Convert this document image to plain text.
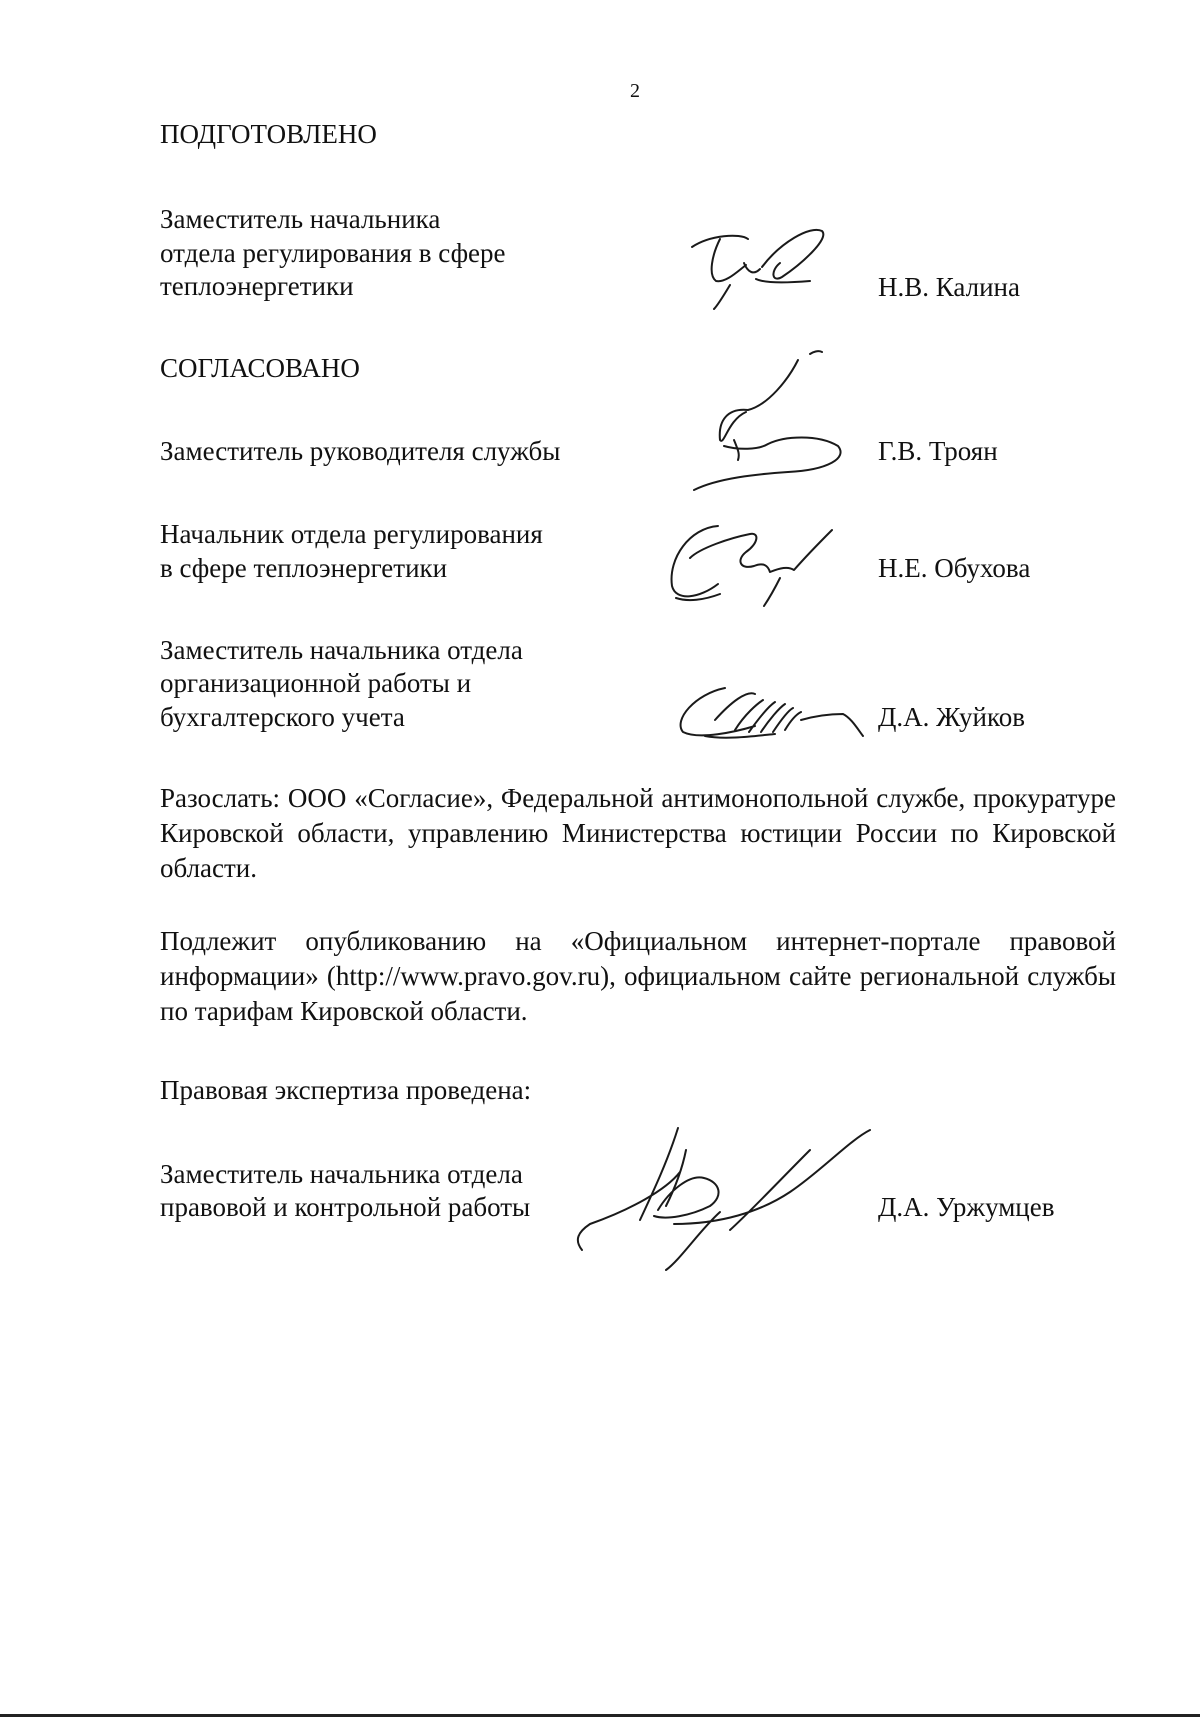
2
ПОДГОТОВЛЕНО
Заместитель начальника
отдела регулирования в сфере
теплоэнергетики	Н.В. Калина
СОГЛАСОВАНО
Заместитель руководителя службы	Г.В. Троян
Начальник отдела регулирования
в сфере теплоэнергетики	Н.Е. Обухова
Заместитель начальника отдела
организационной работы и
бухгалтерского учета	Д.А. Жуйков
Разослать: ООО «Согласие», Федеральной антимонопольной службе, прокуратуре Кировской области, управлению Министерства юстиции России по Кировской области.
Подлежит опубликованию на «Официальном интернет-портале правовой информации» (http://www.pravo.gov.ru), официальном сайте региональной службы по тарифам Кировской области.
Правовая экспертиза проведена:
Заместитель начальника отдела
правовой и контрольной работы	Д.А. Уржумцев
